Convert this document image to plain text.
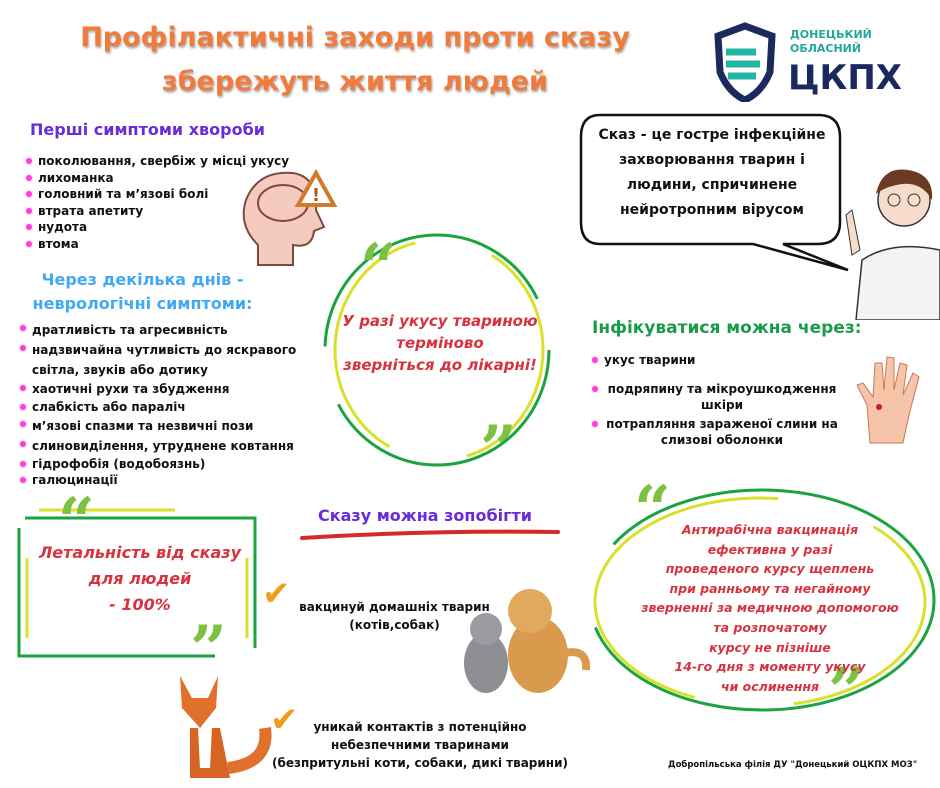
Профілактичні заходи проти сказу
збережуть життя людей
ДОНЕЦЬКИЙ
ОБЛАСНИЙ
ЦКПХ
Перші симптоми хвороби
поколювання, свербіж у місці укусу
лихоманка
головний та м’язові болі
втрата апетиту
нудота
втома
!
Через декілька днів -
неврологічні симптоми:
дратливість та агресивність
надзвичайна чутливість до яскравого світла, звуків або дотику
хаотичні рухи та збудження
слабкість або параліч
м’язові спазми та незвичні пози
слиновиділення, утруднене ковтання
гідрофобія (водобоязнь)
галюцинації
“
”
У разі укусу твариною
терміново
зверніться до лікарні!
Сказ - це гостре інфекційне захворювання тварин і людини, спричинене нейротропним вірусом
Інфікуватися можна через:
укус тварини
подряпину та мікроушкодження шкіри
потрапляння зараженої слини на слизові оболонки
“
”
Летальність від сказу
для людей
- 100%
Сказу можна зопобігти
✔ вакцинуй домашніх тварин
(котів,собак)
✔	уникай контактів з потенційно
небезпечними тваринами
(безпритульні коти, собаки, дикі тварини)
“
”
Антирабічна вакцинація
ефективна у разі
проведеного курсу щеплень
при ранньому та негайному
зверненні за медичною допомогою
та розпочатому
курсу не пізніше
14-го дня з моменту укусу
чи ослинення
Добропільська філія ДУ "Донецький ОЦКПХ МОЗ"
